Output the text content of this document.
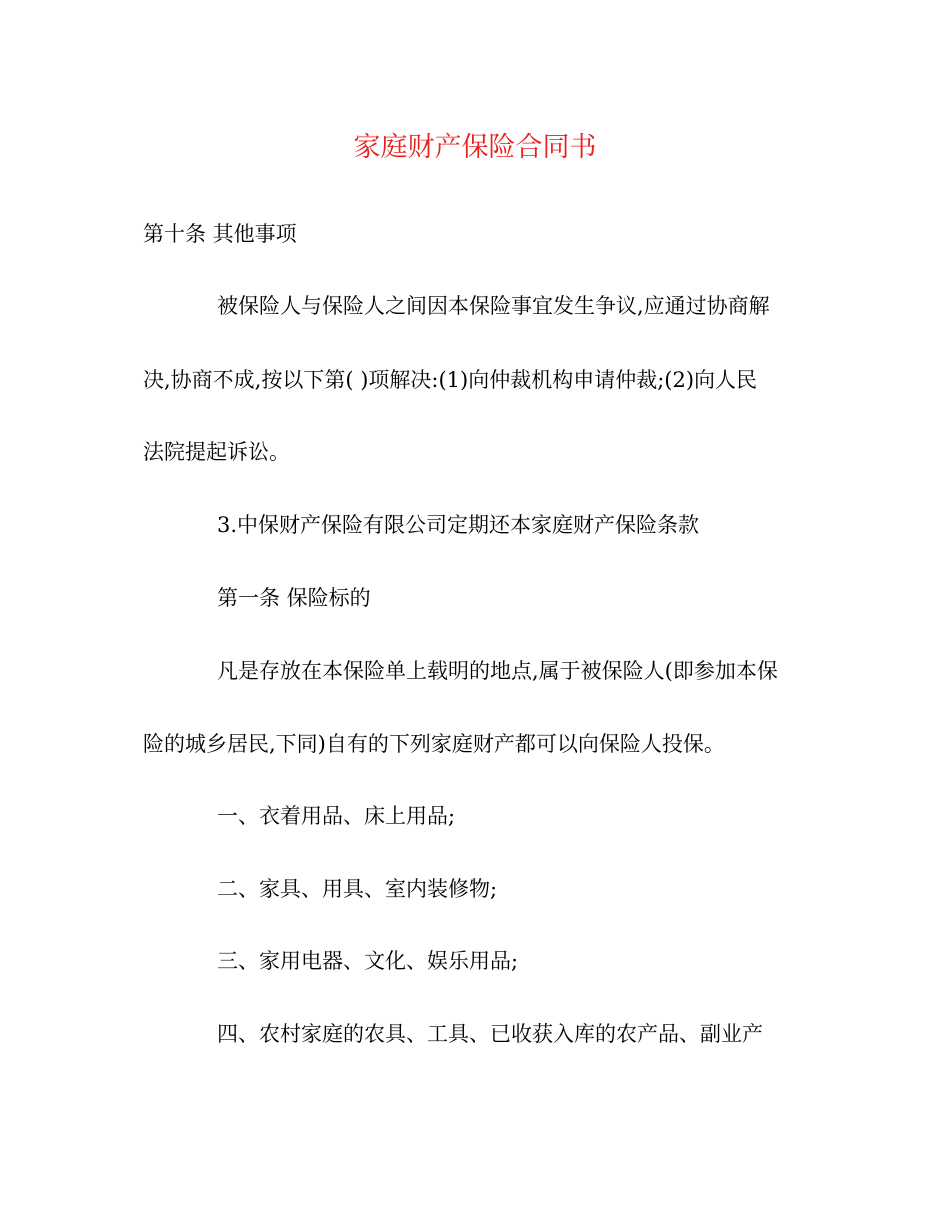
家庭财产保险合同书
第十条 其他事项
被保险人与保险人之间因本保险事宜发生争议,应通过协商解
决,协商不成,按以下第( )项解决:(1)向仲裁机构申请仲裁;(2)向人民
法院提起诉讼。
3.中保财产保险有限公司定期还本家庭财产保险条款
第一条 保险标的
凡是存放在本保险单上载明的地点,属于被保险人(即参加本保
险的城乡居民,下同)自有的下列家庭财产都可以向保险人投保。
一、衣着用品、床上用品;
二、家具、用具、室内装修物;
三、家用电器、文化、娱乐用品;
四、农村家庭的农具、工具、已收获入库的农产品、副业产
